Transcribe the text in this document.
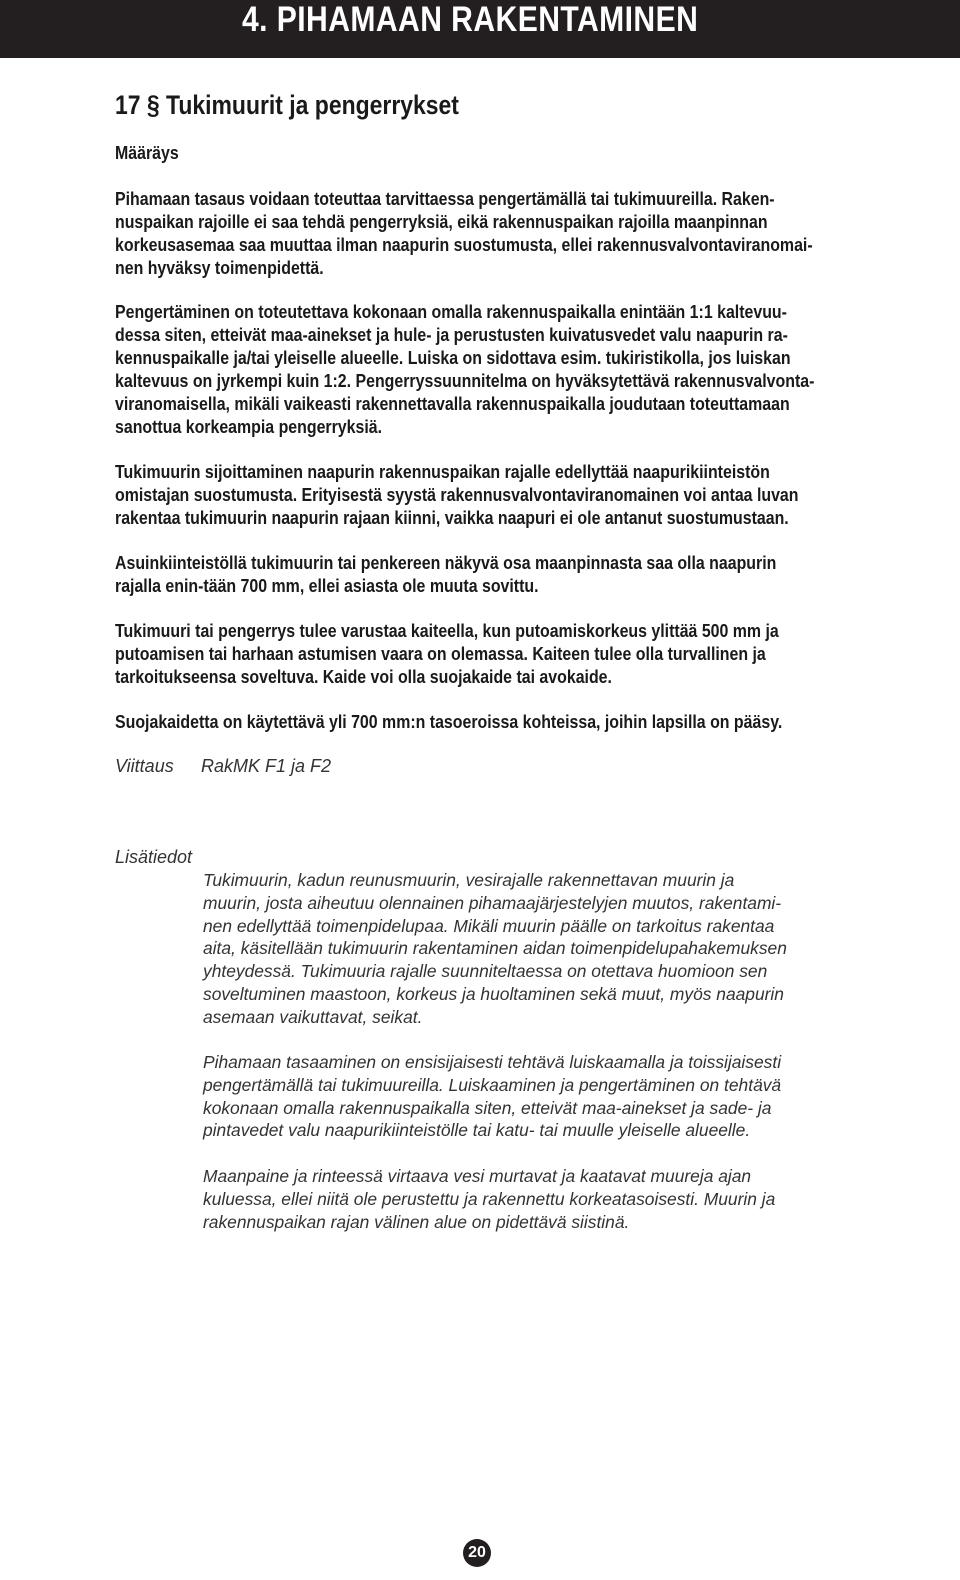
4. PIHAMAAN RAKENTAMINEN
17 § Tukimuurit ja pengerrykset
Määräys

Pihamaan tasaus voidaan toteuttaa tarvittaessa pengertämällä tai tukimuureilla. Raken-
nuspaikan rajoille ei saa tehdä pengerryksiä, eikä rakennuspaikan rajoilla maanpinnan
korkeusasemaa saa muuttaa ilman naapurin suostumusta, ellei rakennusvalvontaviranomai-
nen hyväksy toimenpidettä.

Pengertäminen on toteutettava kokonaan omalla rakennuspaikalla enintään 1:1 kaltevuu-
dessa siten, etteivät maa-ainekset ja hule- ja perustusten kuivatusvedet valu naapurin ra-
kennuspaikalle ja/tai yleiselle alueelle. Luiska on sidottava esim. tukiristikolla, jos luiskan
kaltevuus on jyrkempi kuin 1:2. Pengerryssuunnitelma on hyväksytettävä rakennusvalvonta-
viranomaisella, mikäli vaikeasti rakennettavalla rakennuspaikalla joudutaan toteuttamaan
sanottua korkeampia pengerryksiä.

Tukimuurin sijoittaminen naapurin rakennuspaikan rajalle edellyttää naapurikiinteistön
omistajan suostumusta. Erityisestä syystä rakennusvalvontaviranomainen voi antaa luvan
rakentaa tukimuurin naapurin rajaan kiinni, vaikka naapuri ei ole antanut suostumustaan.

Asuinkiinteistöllä tukimuurin tai penkereen näkyvä osa maanpinnasta saa olla naapurin
rajalla enin-tään 700 mm, ellei asiasta ole muuta sovittu.

Tukimuuri tai pengerrys tulee varustaa kaiteella, kun putoamiskorkeus ylittää 500 mm ja
putoamisen tai harhaan astumisen vaara on olemassa. Kaiteen tulee olla turvallinen ja
tarkoitukseensa soveltuva. Kaide voi olla suojakaide tai avokaide.

Suojakaidetta on käytettävä yli 700 mm:n tasoeroissa kohteissa, joihin lapsilla on pääsy.

Viittaus RakMK F1 ja F2
Lisätiedot

Tukimuurin, kadun reunusmuurin, vesirajalle rakennettavan muurin ja
muurin, josta aiheutuu olennainen pihamaajärjestelyjen muutos, rakentami-
nen edellyttää toimenpidelupaa. Mikäli muurin päälle on tarkoitus rakentaa
aita, käsitellään tukimuurin rakentaminen aidan toimenpidelupahakemuksen
yhteydessä. Tukimuuria rajalle suunniteltaessa on otettava huomioon sen
soveltuminen maastoon, korkeus ja huoltaminen sekä muut, myös naapurin
asemaan vaikuttavat, seikat.

Pihamaan tasaaminen on ensisijaisesti tehtävä luiskaamalla ja toissijaisesti
pengertämällä tai tukimuureilla. Luiskaaminen ja pengertäminen on tehtävä
kokonaan omalla rakennuspaikalla siten, etteivät maa-ainekset ja sade- ja
pintavedet valu naapurikiinteistölle tai katu- tai muulle yleiselle alueelle.

Maanpaine ja rinteessä virtaava vesi murtavat ja kaatavat muureja ajan
kuluessa, ellei niitä ole perustettu ja rakennettu korkeatasoisesti. Muurin ja
rakennuspaikan rajan välinen alue on pidettävä siistinä.

20
